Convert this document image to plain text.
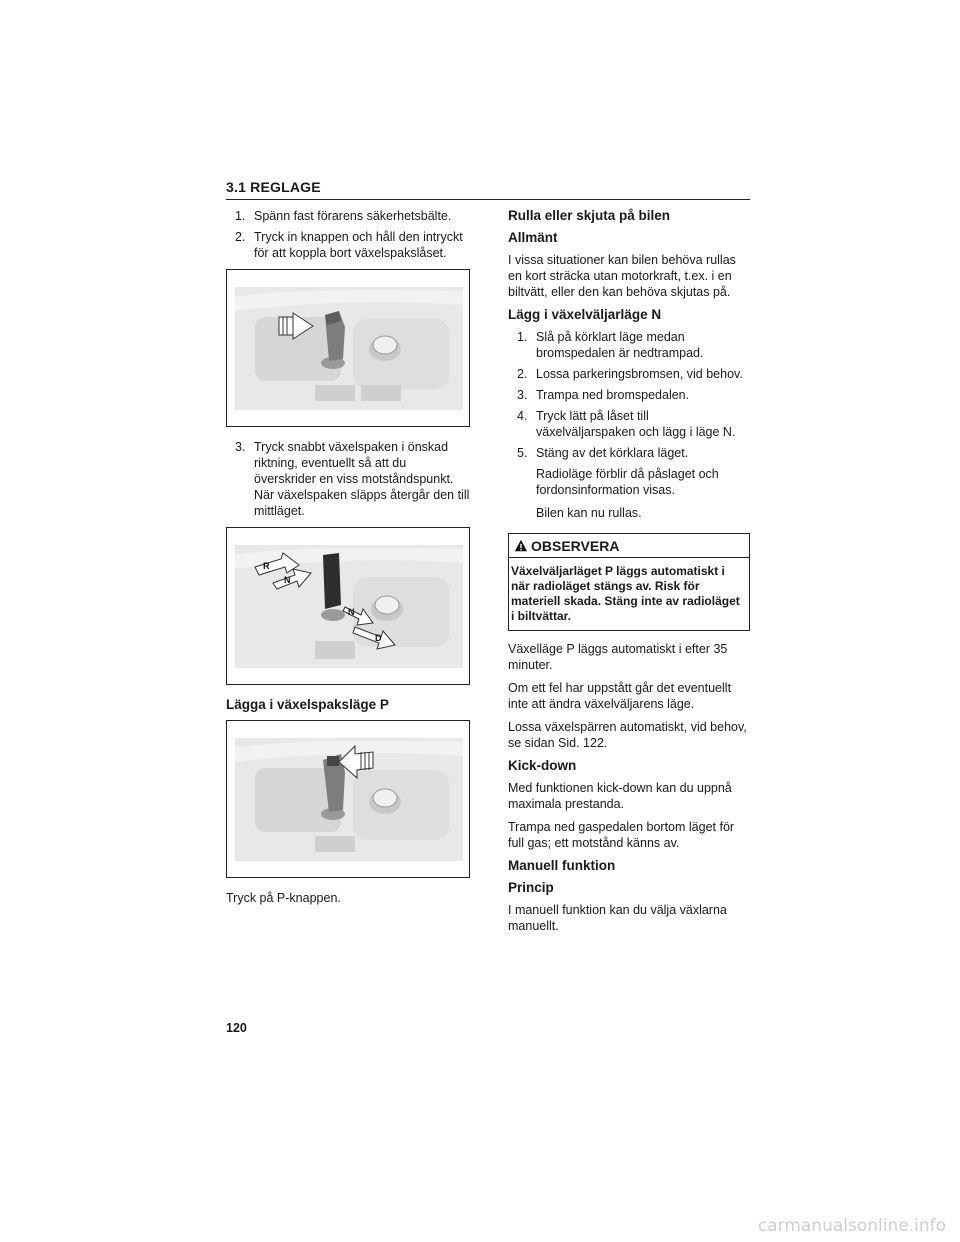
3.1 REGLAGE
1. Spänn fast förarens säkerhetsbälte.
2. Tryck in knappen och håll den intryckt för att koppla bort växelspakslåset.
3. Tryck snabbt växelspaken i önskad riktning, eventuellt så att du överskrider en viss motståndspunkt. När växelspaken släpps återgår den till mittläget.
R
N
N
D
Lägga i växelspaksläge P

Tryck på P-knappen.

Rulla eller skjuta på bilen
Allmänt

I vissa situationer kan bilen behöva rullas en kort sträcka utan motorkraft, t.ex. i en biltvätt, eller den kan behöva skjutas på.

Lägg i växelväljarläge N
1. Slå på körklart läge medan bromspedalen är nedtrampad.
2. Lossa parkeringsbromsen, vid behov.
3. Trampa ned bromspedalen.
4. Tryck lätt på låset till växelväljarspaken och lägg i läge N.
5. Stäng av det körklara läget.

Radioläge förblir då påslaget och fordonsinformation visas.

Bilen kan nu rullas.

OBSERVERA
Växelväljarläget P läggs automatiskt i när radioläget stängs av. Risk för materiell skada. Stäng inte av radioläget i biltvättar.

Växelläge P läggs automatiskt i efter 35 minuter.

Om ett fel har uppstått går det eventuellt inte att ändra växelväljarens läge.

Lossa växelspärren automatiskt, vid behov, se sidan Sid. 122.

Kick-down

Med funktionen kick-down kan du uppnå maximala prestanda.

Trampa ned gaspedalen bortom läget för full gas; ett motstånd känns av.

Manuell funktion
Princip

I manuell funktion kan du välja växlarna manuellt.

120
carmanualsonline.info
